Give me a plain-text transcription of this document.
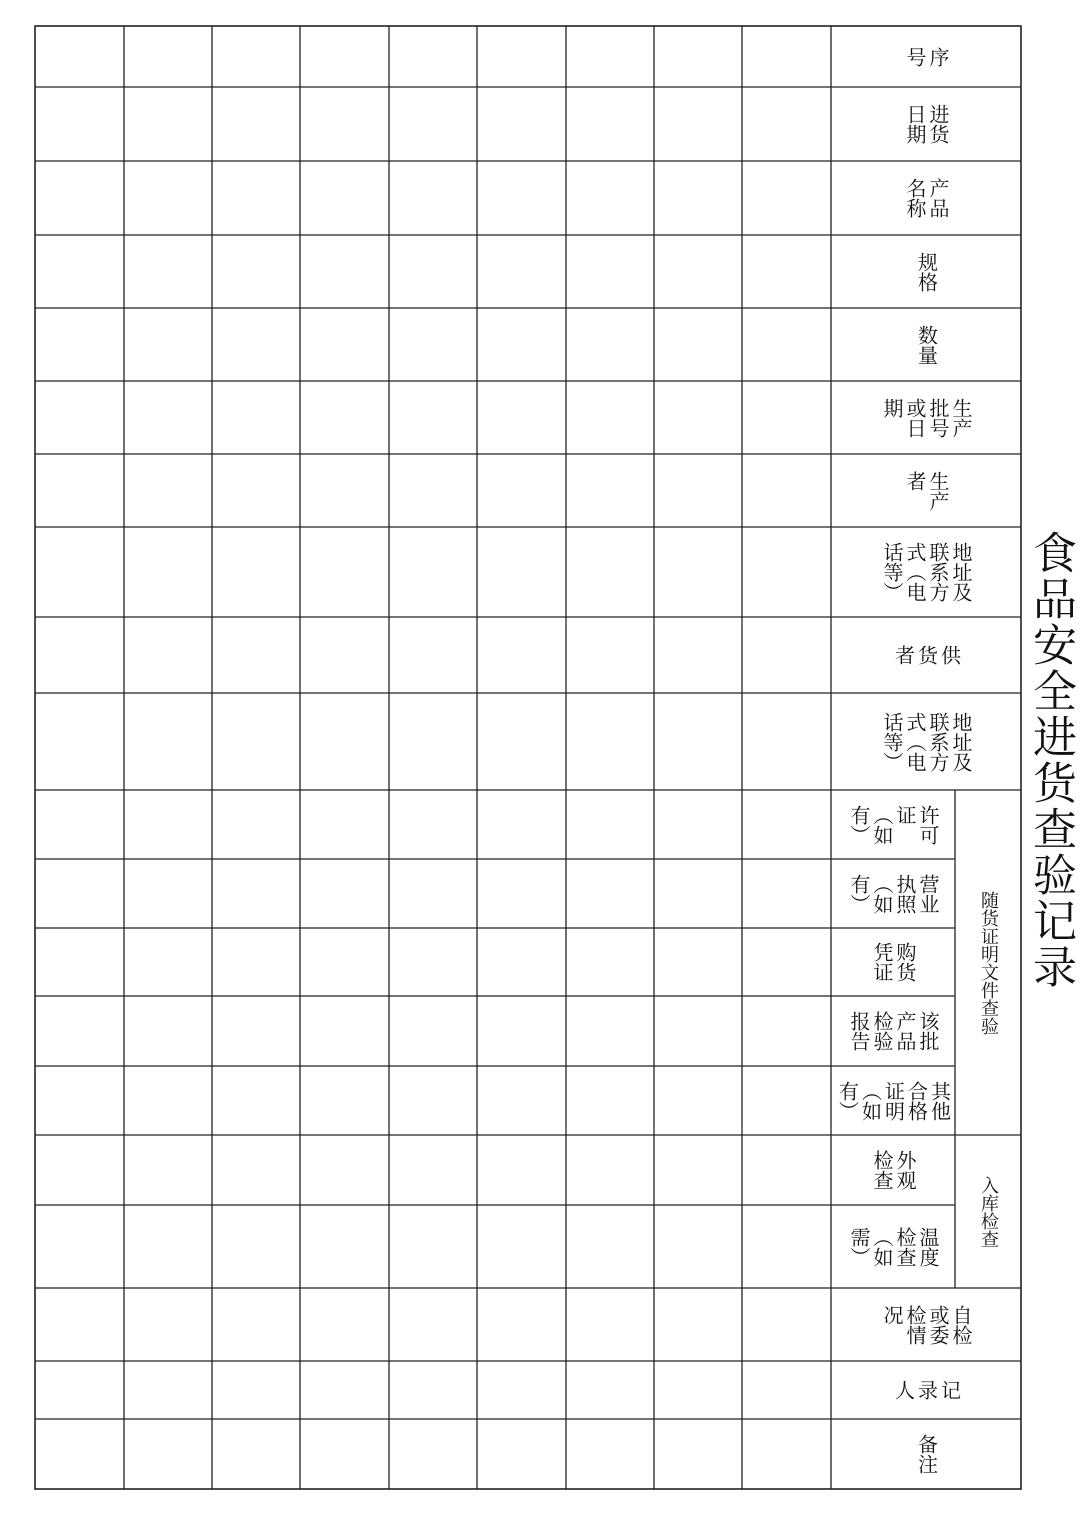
食品安全进货查验记录
序
号
进货
日期
产品
名称
规格
数量
生产
批号
或日
期
生产
者
地址及
联系方
式（电
话等）
供
货
者
地址及
联系方
式（电
话等）
许可
证
（如
有）
营业
执照
（如
有）
购货
凭证
该批
产品
检验
报告
其他
合格
证明
（如
有）
外观
检查
温度
检查
（如
需）
自检
或委
检情
况
记
录
人
备注
随货证明文件查验
入库检查
